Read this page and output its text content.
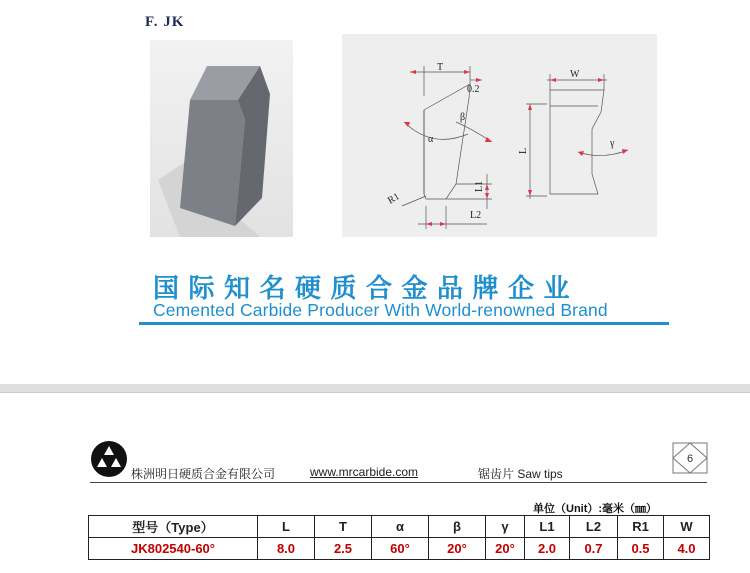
F. JK
T
0.2
β
α
L1
L2
R1
W
L
γ
国际知名硬质合金品牌企业
Cemented Carbide Producer With World-renowned Brand
株洲明日硬质合金有限公司	www.mrcarbide.com	锯齿片 Saw tips
6
单位（Unit）:毫米（㎜）
型号（Type）	L	T	α	β	γ	L1	L2	R1	W
JK802540-60°	8.0	2.5	60°	20°	20°	2.0	0.7	0.5	4.0
